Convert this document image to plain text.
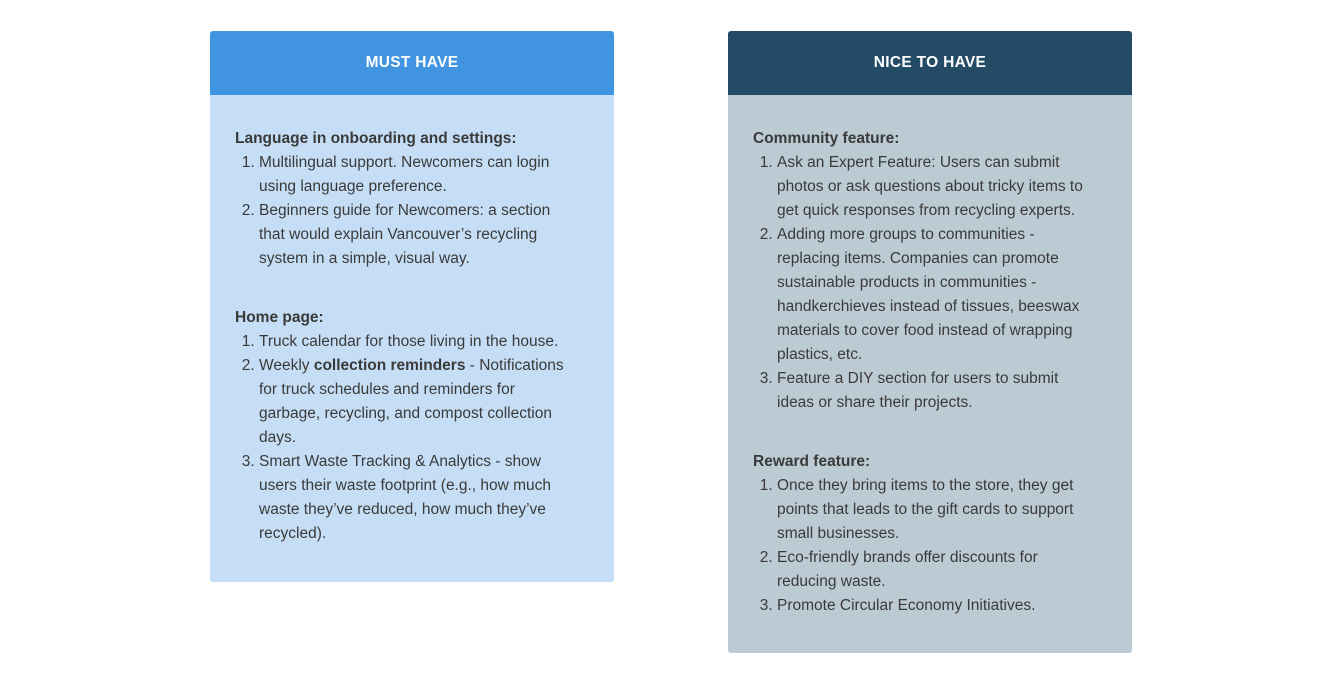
MUST HAVE
Language in onboarding and settings:
1. Multilingual support. Newcomers can login using language preference.
2. Beginners guide for Newcomers: a section that would explain Vancouver’s recycling system in a simple, visual way.
Home page:
1. Truck calendar for those living in the house.
2. Weekly collection reminders - Notifications for truck schedules and reminders for garbage, recycling, and compost collection days.
3. Smart Waste Tracking & Analytics - show users their waste footprint (e.g., how much waste they’ve reduced, how much they’ve recycled).
NICE TO HAVE
Community feature:
1. Ask an Expert Feature: Users can submit photos or ask questions about tricky items to get quick responses from recycling experts.
2. Adding more groups to communities - replacing items. Companies can promote sustainable products in communities - handkerchieves instead of tissues, beeswax materials to cover food instead of wrapping plastics, etc.
3. Feature a DIY section for users to submit ideas or share their projects.
Reward feature:
1. Once they bring items to the store, they get points that leads to the gift cards to support small businesses.
2. Eco-friendly brands offer discounts for reducing waste.
3. Promote Circular Economy Initiatives.
